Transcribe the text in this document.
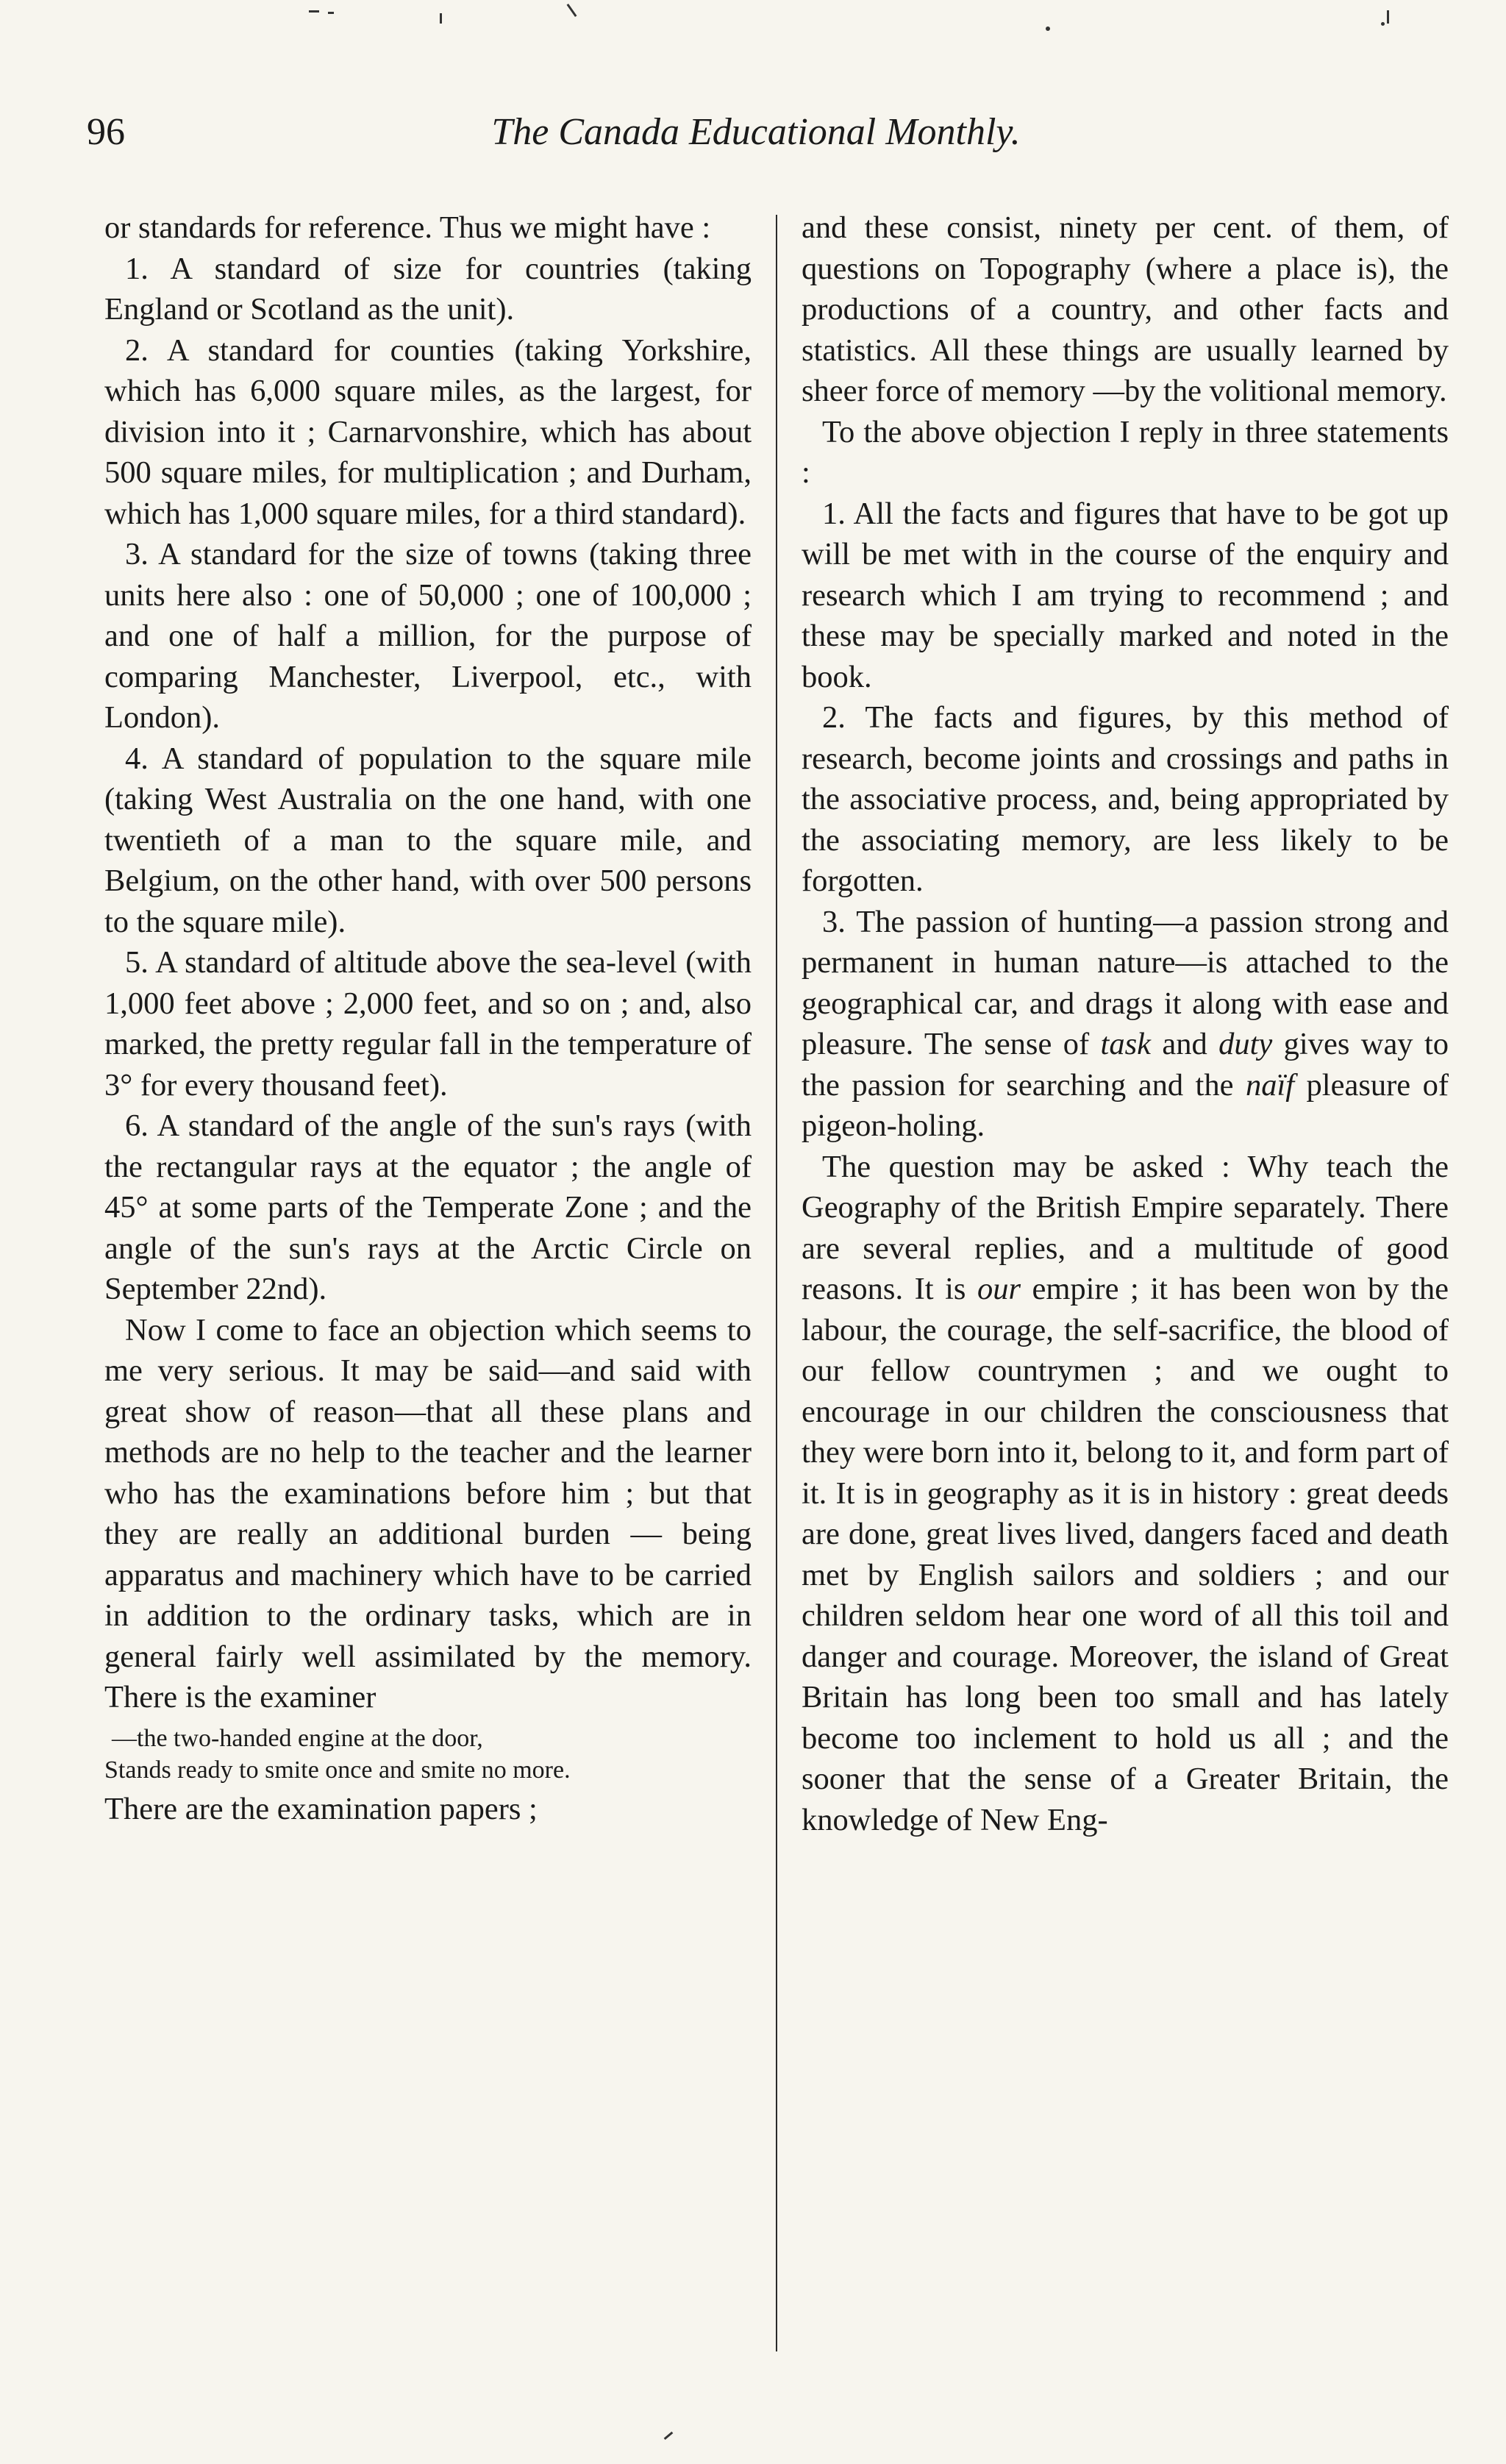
96	The Canada Educational Monthly.

or standards for reference. Thus we might have :

1. A standard of size for countries (taking England or Scotland as the unit).

2. A standard for counties (taking Yorkshire, which has 6,000 square miles, as the largest, for division into it ; Carnarvonshire, which has about 500 square miles, for multiplication ; and Durham, which has 1,000 square miles, for a third standard).

3. A standard for the size of towns (taking three units here also : one of 50,000 ; one of 100,000 ; and one of half a million, for the purpose of comparing Manchester, Liverpool, etc., with London).

4. A standard of population to the square mile (taking West Australia on the one hand, with one twentieth of a man to the square mile, and Belgium, on the other hand, with over 500 persons to the square mile).

5. A standard of altitude above the sea-level (with 1,000 feet above ; 2,000 feet, and so on ; and, also marked, the pretty regular fall in the temperature of 3° for every thousand feet).

6. A standard of the angle of the sun's rays (with the rectangular rays at the equator ; the angle of 45° at some parts of the Temperate Zone ; and the angle of the sun's rays at the Arctic Circle on September 22nd).

Now I come to face an objection which seems to me very serious. It may be said—and said with great show of reason—that all these plans and methods are no help to the teacher and the learner who has the examinations before him ; but that they are really an additional burden — being apparatus and machinery which have to be carried in addition to the ordinary tasks, which are in general fairly well assimilated by the memory. There is the examiner

—the two-handed engine at the door,
Stands ready to smite once and smite no more.

There are the examination papers ;

and these consist, ninety per cent. of them, of questions on Topography (where a place is), the productions of a country, and other facts and statistics. All these things are usually learned by sheer force of memory —by the volitional memory.

To the above objection I reply in three statements :

1. All the facts and figures that have to be got up will be met with in the course of the enquiry and research which I am trying to recommend ; and these may be specially marked and noted in the book.

2. The facts and figures, by this method of research, become joints and crossings and paths in the associative process, and, being appropriated by the associating memory, are less likely to be forgotten.

3. The passion of hunting—a passion strong and permanent in human nature—is attached to the geographical car, and drags it along with ease and pleasure. The sense of task and duty gives way to the passion for searching and the naïf pleasure of pigeon-holing.

The question may be asked : Why teach the Geography of the British Empire separately. There are several replies, and a multitude of good reasons. It is our empire ; it has been won by the labour, the courage, the self-sacrifice, the blood of our fellow countrymen ; and we ought to encourage in our children the consciousness that they were born into it, belong to it, and form part of it. It is in geography as it is in history : great deeds are done, great lives lived, dangers faced and death met by English sailors and soldiers ; and our children seldom hear one word of all this toil and danger and courage. Moreover, the island of Great Britain has long been too small and has lately become too inclement to hold us all ; and the sooner that the sense of a Greater Britain, the knowledge of New Eng-
